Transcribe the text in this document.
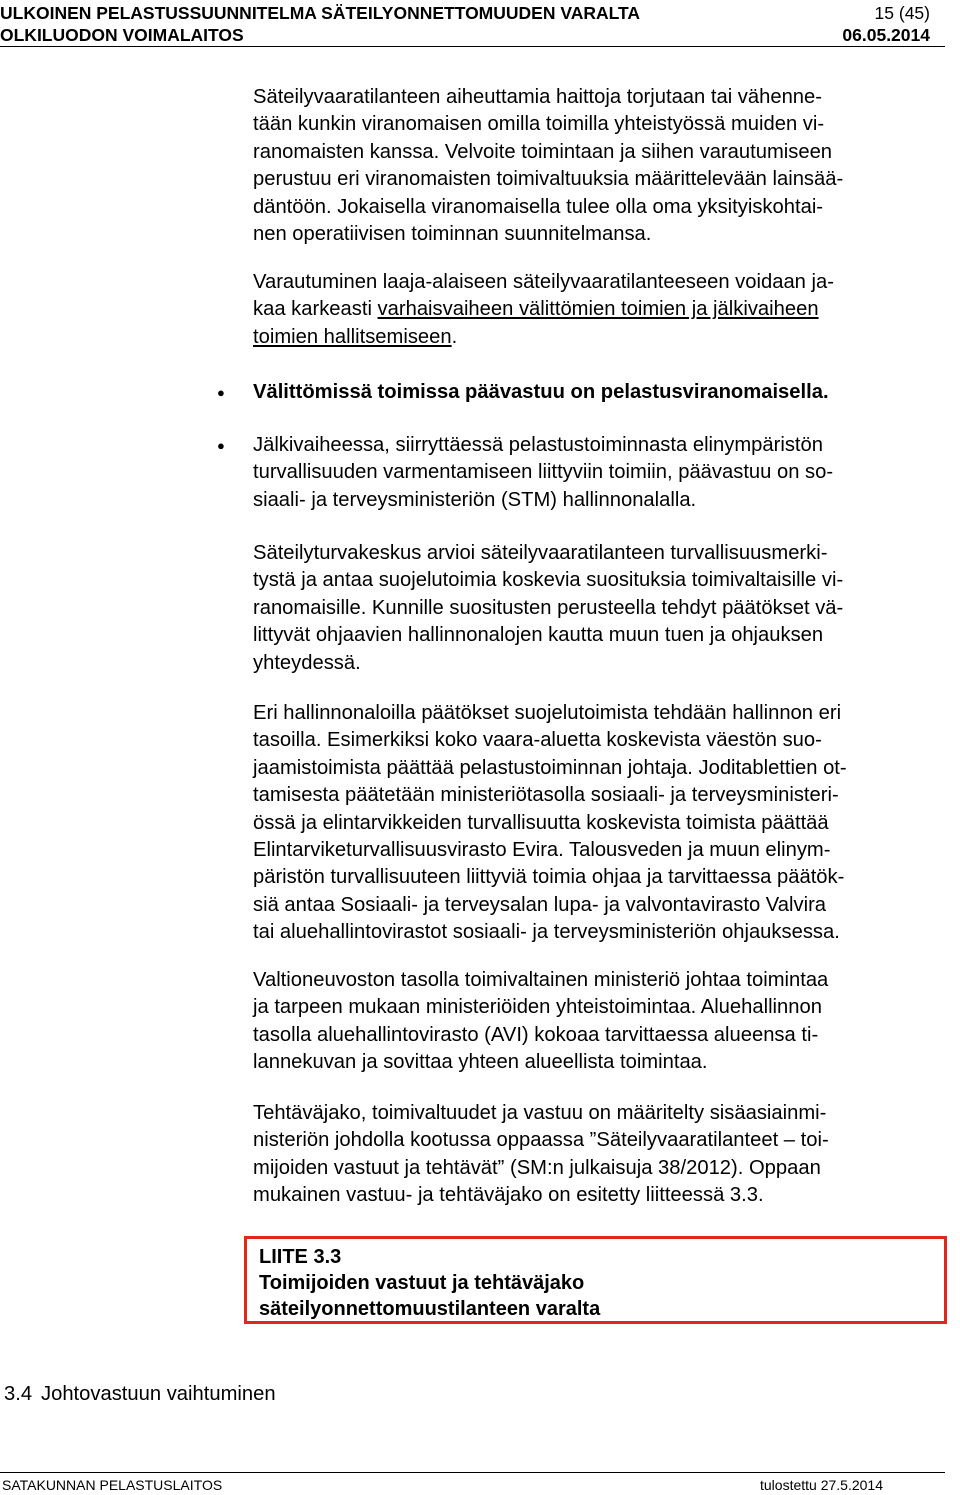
ULKOINEN PELASTUSSUUNNITELMA SÄTEILYONNETTOMUUDEN VARALTA	15 (45)
OLKILUODON VOIMALAITOS	06.05.2014
Säteilyvaaratilanteen aiheuttamia haittoja torjutaan tai vähenne-
tään kunkin viranomaisen omilla toimilla yhteistyössä muiden vi-
ranomaisten kanssa. Velvoite toimintaan ja siihen varautumiseen
perustuu eri viranomaisten toimivaltuuksia määrittelevään lainsää-
däntöön. Jokaisella viranomaisella tulee olla oma yksityiskohtai-
nen operatiivisen toiminnan suunnitelmansa.
Varautuminen laaja-alaiseen säteilyvaaratilanteeseen voidaan ja-
kaa karkeasti varhaisvaiheen välittömien toimien ja jälkivaiheen
toimien hallitsemiseen.
● Välittömissä toimissa päävastuu on pelastusviranomaisella.
● Jälkivaiheessa, siirryttäessä pelastustoiminnasta elinympäristön
turvallisuuden varmentamiseen liittyviin toimiin, päävastuu on so-
siaali- ja terveysministeriön (STM) hallinnonalalla.
Säteilyturvakeskus arvioi säteilyvaaratilanteen turvallisuusmerki-
tystä ja antaa suojelutoimia koskevia suosituksia toimivaltaisille vi-
ranomaisille. Kunnille suositusten perusteella tehdyt päätökset vä-
littyvät ohjaavien hallinnonalojen kautta muun tuen ja ohjauksen
yhteydessä.
Eri hallinnonaloilla päätökset suojelutoimista tehdään hallinnon eri
tasoilla. Esimerkiksi koko vaara-aluetta koskevista väestön suo-
jaamistoimista päättää pelastustoiminnan johtaja. Joditablettien ot-
tamisesta päätetään ministeriötasolla sosiaali- ja terveysministeri-
össä ja elintarvikkeiden turvallisuutta koskevista toimista päättää
Elintarviketurvallisuusvirasto Evira. Talousveden ja muun elinym-
päristön turvallisuuteen liittyviä toimia ohjaa ja tarvittaessa päätök-
siä antaa Sosiaali- ja terveysalan lupa- ja valvontavirasto Valvira
tai aluehallintovirastot sosiaali- ja terveysministeriön ohjauksessa.
Valtioneuvoston tasolla toimivaltainen ministeriö johtaa toimintaa
ja tarpeen mukaan ministeriöiden yhteistoimintaa. Aluehallinnon
tasolla aluehallintovirasto (AVI) kokoaa tarvittaessa alueensa ti-
lannekuvan ja sovittaa yhteen alueellista toimintaa.
Tehtäväjako, toimivaltuudet ja vastuu on määritelty sisäasiainmi-
nisteriön johdolla kootussa oppaassa ”Säteilyvaaratilanteet – toi-
mijoiden vastuut ja tehtävät” (SM:n julkaisuja 38/2012). Oppaan
mukainen vastuu- ja tehtäväjako on esitetty liitteessä 3.3.
LIITE 3.3
Toimijoiden vastuut ja tehtäväjako
säteilyonnettomuustilanteen varalta
3.4 Johtovastuun vaihtuminen
SATAKUNNAN PELASTUSLAITOS	tulostettu 27.5.2014
